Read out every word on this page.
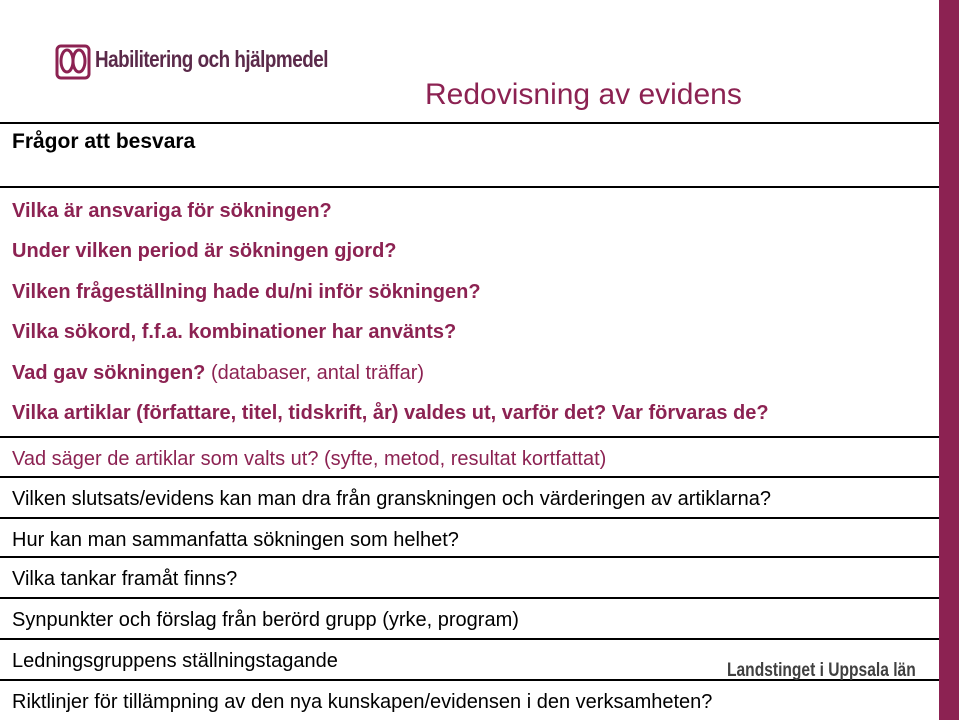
Habilitering och hjälpmedel
Redovisning av evidens
Frågor att besvara
Vilka är ansvariga för sökningen?
Under vilken period är sökningen gjord?
Vilken frågeställning hade du/ni inför sökningen?
Vilka sökord, f.f.a. kombinationer har använts?
Vad gav sökningen? (databaser, antal träffar)
Vilka artiklar (författare, titel, tidskrift, år) valdes ut, varför det? Var förvaras de?
Vad säger de artiklar som valts ut? (syfte, metod, resultat kortfattat)
Vilken slutsats/evidens kan man dra från granskningen och värderingen av artiklarna?
Hur kan man sammanfatta sökningen som helhet?
Vilka tankar framåt finns?
Synpunkter och förslag från berörd grupp (yrke, program)
Ledningsgruppens ställningstagande
Riktlinjer för tillämpning av den nya kunskapen/evidensen i den verksamheten?
Landstinget i Uppsala län
